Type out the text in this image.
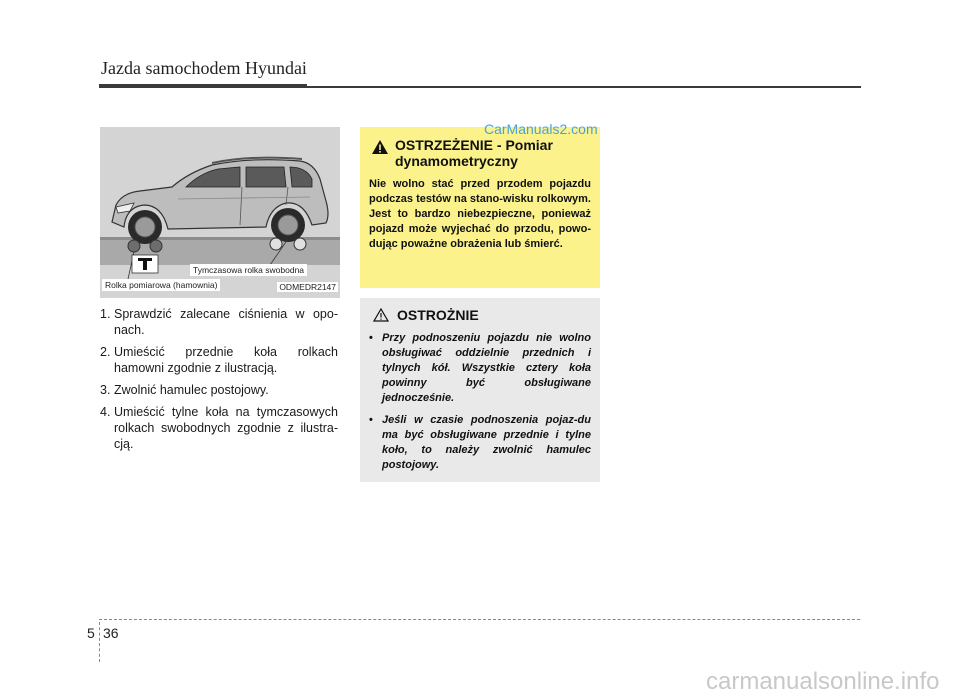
Jazda samochodem Hyundai
Tymczasowa rolka swobodna
Rolka pomiarowa (hamownia)	ODMEDR2147
1. Sprawdzić zalecane ciśnienia w opo-nach.
2. Umieścić przednie koła rolkach hamowni zgodnie z ilustracją.
3. Zwolnić hamulec postojowy.
4. Umieścić tylne koła na tymczasowych rolkach swobodnych zgodnie z ilustra-cją.
OSTRZEŻENIE - Pomiar dynamometryczny
Nie wolno stać przed przodem pojazdu podczas testów na stano-wisku rolkowym. Jest to bardzo niebezpieczne, ponieważ pojazd może wyjechać do przodu, powo-dując poważne obrażenia lub śmierć.
CarManuals2.com
OSTROŻNIE
• Przy podnoszeniu pojazdu nie wolno obsługiwać oddzielnie przednich i tylnych kół. Wszystkie cztery koła powinny być obsługiwane jednocześnie.
• Jeśli w czasie podnoszenia pojaz-du ma być obsługiwane przednie i tylne koło, to należy zwolnić hamulec postojowy.
5 36
carmanualsonline.info
